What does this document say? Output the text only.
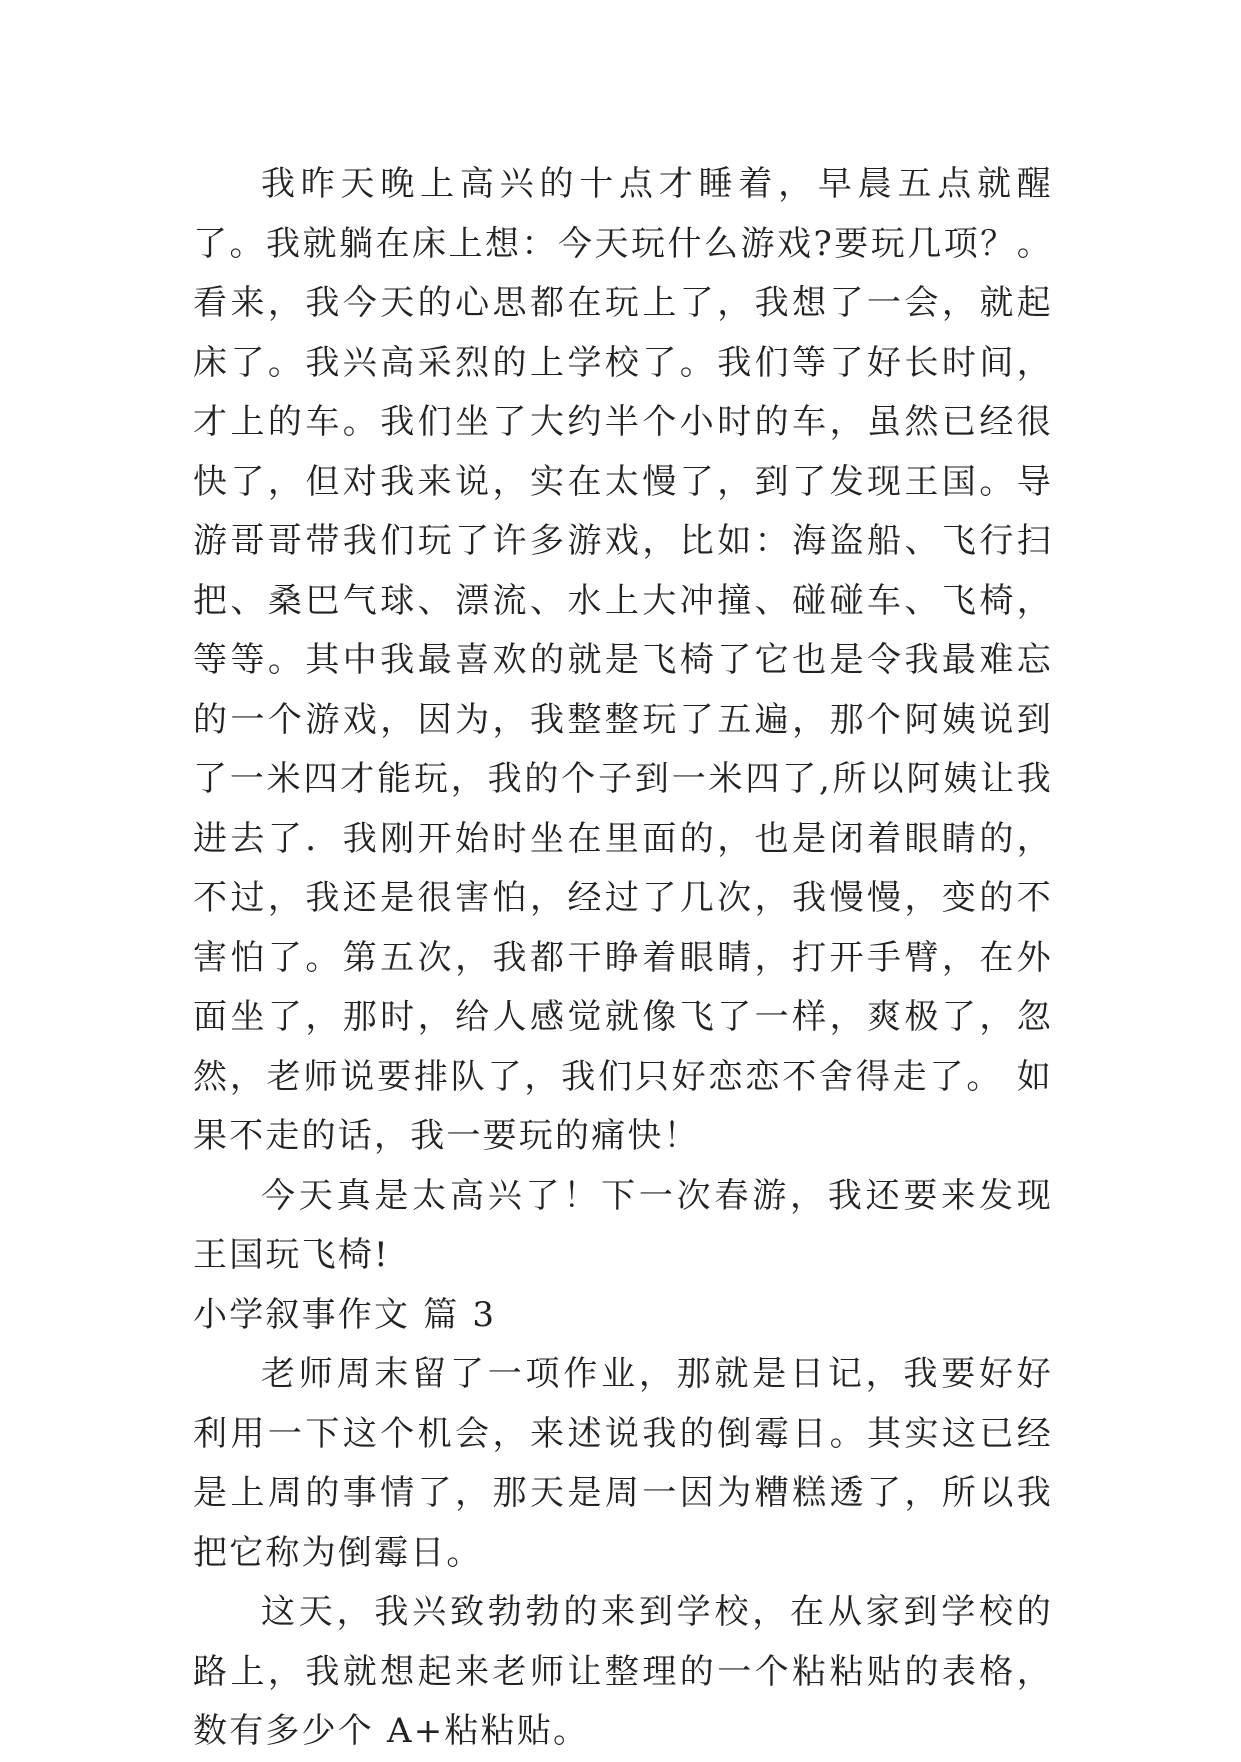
我昨天晚上高兴的十点才睡着，早晨五点就醒了。我就躺在床上想：今天玩什么游戏?要玩几项？。看来，我今天的心思都在玩上了，我想了一会，就起床了。我兴高采烈的上学校了。我们等了好长时间，才上的车。我们坐了大约半个小时的车，虽然已经很快了，但对我来说，实在太慢了，到了发现王国。导游哥哥带我们玩了许多游戏，比如：海盗船、飞行扫把、桑巴气球、漂流、水上大冲撞、碰碰车、飞椅，等等。其中我最喜欢的就是飞椅了它也是令我最难忘的一个游戏，因为，我整整玩了五遍，那个阿姨说到了一米四才能玩，我的个子到一米四了,所以阿姨让我进去了．我刚开始时坐在里面的，也是闭着眼睛的，不过，我还是很害怕，经过了几次，我慢慢，变的不害怕了。第五次，我都干睁着眼睛，打开手臂，在外面坐了，那时，给人感觉就像飞了一样，爽极了，忽然，老师说要排队了，我们只好恋恋不舍得走了。 如果不走的话，我一要玩的痛快！

今天真是太高兴了！下一次春游，我还要来发现王国玩飞椅!

小学叙事作文 篇 3

老师周末留了一项作业，那就是日记，我要好好利用一下这个机会，来述说我的倒霉日。其实这已经是上周的事情了，那天是周一因为糟糕透了，所以我把它称为倒霉日。

这天，我兴致勃勃的来到学校，在从家到学校的路上，我就想起来老师让整理的一个粘粘贴的表格，数有多少个 A+粘粘贴。
